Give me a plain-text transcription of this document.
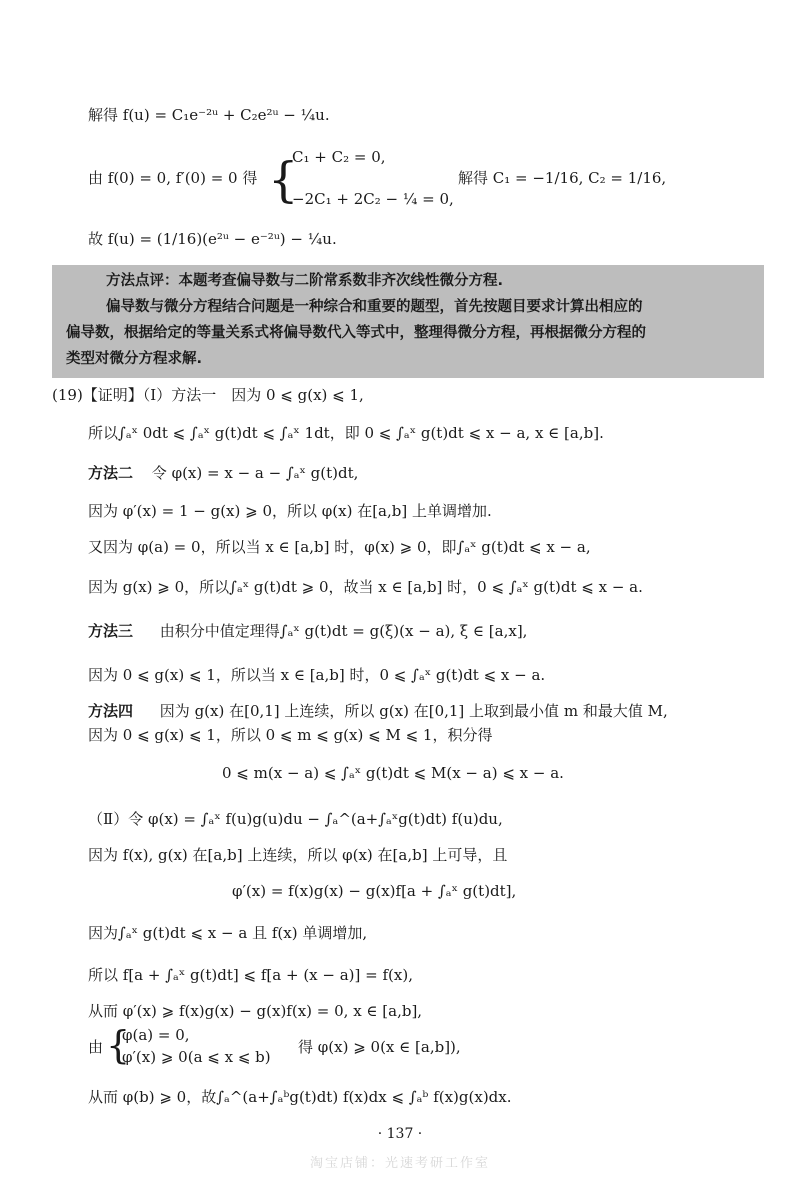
解得 f(u) = C₁e⁻²ᵘ + C₂e²ᵘ − ¼u.
由 f(0) = 0, f′(0) = 0 得 {
C₁ + C₂ = 0,
−2C₁ + 2C₂ − ¼ = 0,
解得 C₁ = −1/16, C₂ = 1/16,
故 f(u) = (1/16)(e²ᵘ − e⁻²ᵘ) − ¼u.
方法点评：本题考查偏导数与二阶常系数非齐次线性微分方程.
偏导数与微分方程结合问题是一种综合和重要的题型，首先按题目要求计算出相应的
偏导数，根据给定的等量关系式将偏导数代入等式中，整理得微分方程，再根据微分方程的
类型对微分方程求解.
(19)【证明】（Ⅰ）方法一　因为 0 ⩽ g(x) ⩽ 1,
所以∫ₐˣ 0dt ⩽ ∫ₐˣ g(t)dt ⩽ ∫ₐˣ 1dt，即 0 ⩽ ∫ₐˣ g(t)dt ⩽ x − a, x ∈ [a,b].
方法二 令 φ(x) = x − a − ∫ₐˣ g(t)dt,
因为 φ′(x) = 1 − g(x) ⩾ 0，所以 φ(x) 在[a,b] 上单调增加.
又因为 φ(a) = 0，所以当 x ∈ [a,b] 时，φ(x) ⩾ 0，即∫ₐˣ g(t)dt ⩽ x − a,
因为 g(x) ⩾ 0，所以∫ₐˣ g(t)dt ⩾ 0，故当 x ∈ [a,b] 时，0 ⩽ ∫ₐˣ g(t)dt ⩽ x − a.
方法三 由积分中值定理得∫ₐˣ g(t)dt = g(ξ)(x − a), ξ ∈ [a,x],
因为 0 ⩽ g(x) ⩽ 1，所以当 x ∈ [a,b] 时，0 ⩽ ∫ₐˣ g(t)dt ⩽ x − a.
方法四 因为 g(x) 在[0,1] 上连续，所以 g(x) 在[0,1] 上取到最小值 m 和最大值 M,
因为 0 ⩽ g(x) ⩽ 1，所以 0 ⩽ m ⩽ g(x) ⩽ M ⩽ 1，积分得
0 ⩽ m(x − a) ⩽ ∫ₐˣ g(t)dt ⩽ M(x − a) ⩽ x − a.
（Ⅱ）令 φ(x) = ∫ₐˣ f(u)g(u)du − ∫ₐ^(a+∫ₐˣg(t)dt) f(u)du,
因为 f(x), g(x) 在[a,b] 上连续，所以 φ(x) 在[a,b] 上可导，且
φ′(x) = f(x)g(x) − g(x)f[a + ∫ₐˣ g(t)dt],
因为∫ₐˣ g(t)dt ⩽ x − a 且 f(x) 单调增加,
所以 f[a + ∫ₐˣ g(t)dt] ⩽ f[a + (x − a)] = f(x),
从而 φ′(x) ⩾ f(x)g(x) − g(x)f(x) = 0, x ∈ [a,b],
由 {
φ(a) = 0,
φ′(x) ⩾ 0(a ⩽ x ⩽ b)
得 φ(x) ⩾ 0(x ∈ [a,b]),
从而 φ(b) ⩾ 0，故∫ₐ^(a+∫ₐᵇg(t)dt) f(x)dx ⩽ ∫ₐᵇ f(x)g(x)dx.
· 137 ·
淘宝店铺：光速考研工作室
